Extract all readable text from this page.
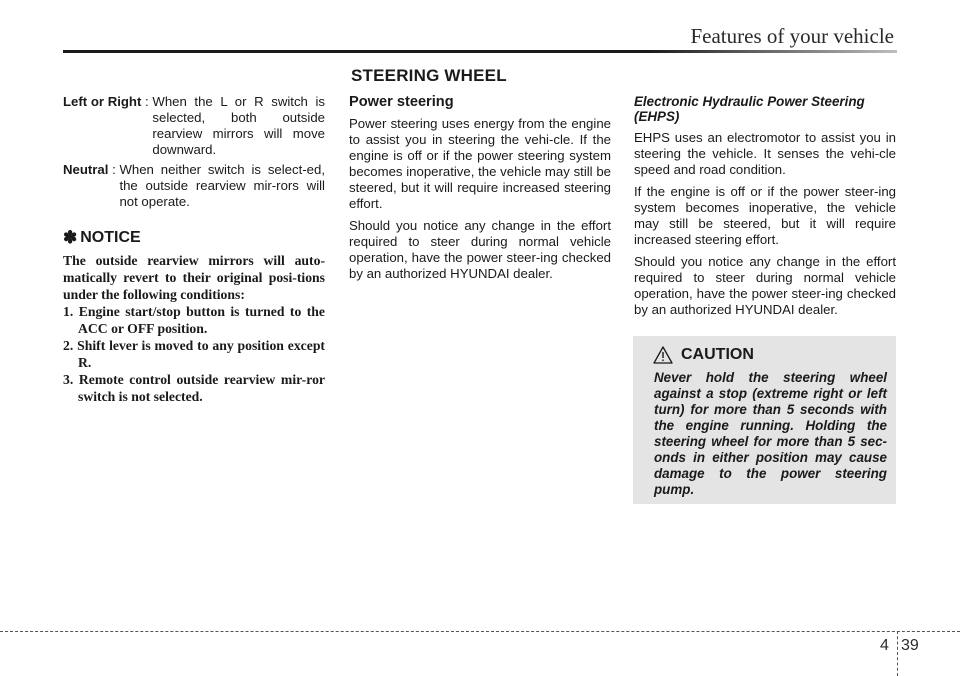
Features of your vehicle
STEERING WHEEL
Left or Right : When the L or R switch is selected, both outside rearview mirrors will move downward.
Neutral : When neither switch is select-ed, the outside rearview mir-rors will not operate.
✽ NOTICE
The outside rearview mirrors will auto-matically revert to their original posi-tions under the following conditions:
1. Engine start/stop button is turned to the ACC or OFF position.
2. Shift lever is moved to any position except R.
3. Remote control outside rearview mir-ror switch is not selected.
Power steering

Power steering uses energy from the engine to assist you in steering the vehi-cle. If the engine is off or if the power steering system becomes inoperative, the vehicle may still be steered, but it will require increased steering effort.

Should you notice any change in the effort required to steer during normal vehicle operation, have the power steer-ing checked by an authorized HYUNDAI dealer.

Electronic Hydraulic Power Steering (EHPS)

EHPS uses an electromotor to assist you in steering the vehicle. It senses the vehi-cle speed and road condition.

If the engine is off or if the power steer-ing system becomes inoperative, the vehicle may still be steered, but it will require increased steering effort.

Should you notice any change in the effort required to steer during normal vehicle operation, have the power steer-ing checked by an authorized HYUNDAI dealer.

CAUTION
Never hold the steering wheel against a stop (extreme right or left turn) for more than 5 seconds with the engine running. Holding the steering wheel for more than 5 sec-onds in either position may cause damage to the power steering pump.
4 39
